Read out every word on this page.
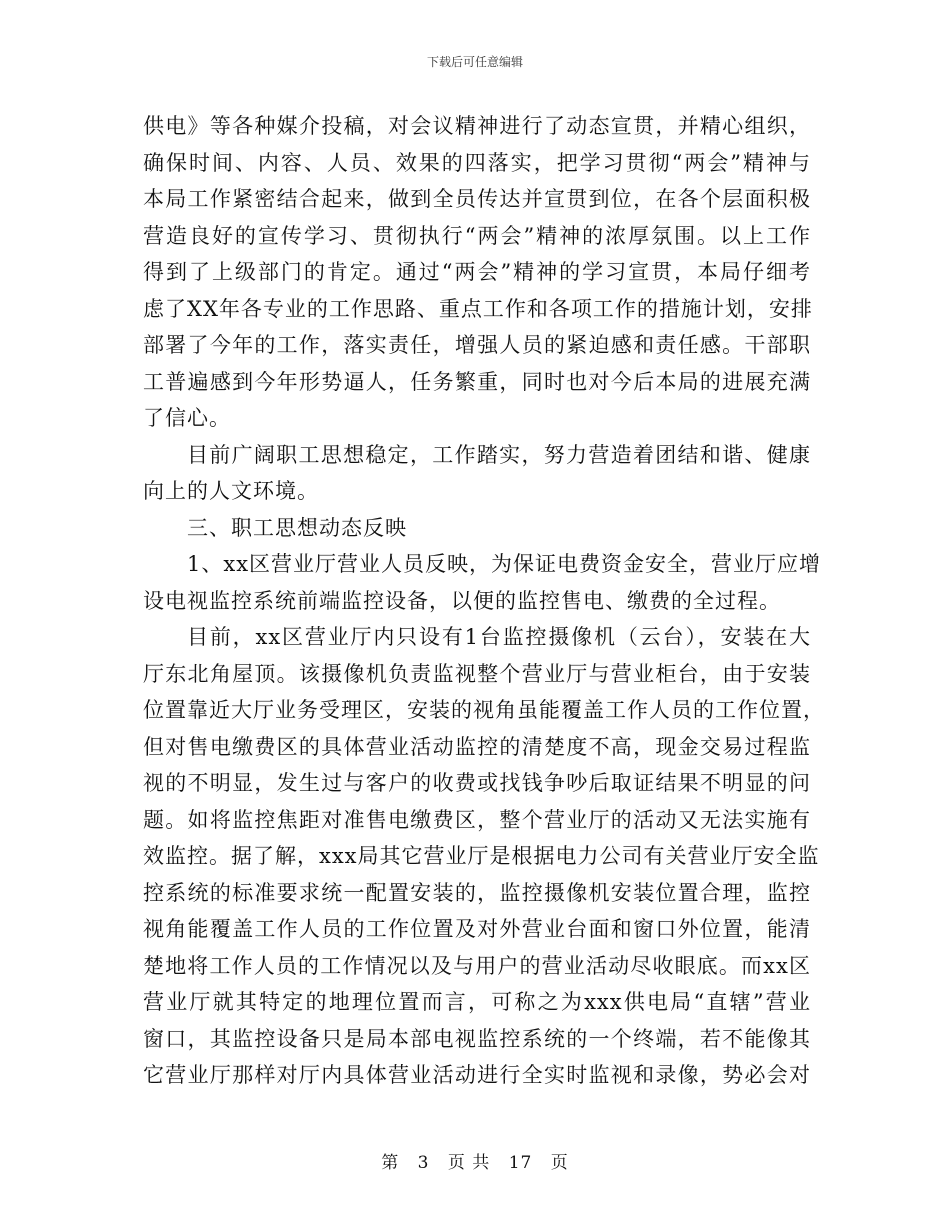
下载后可任意编辑
供电》等各种媒介投稿，对会议精神进行了动态宣贯，并精心组织，
确保时间、内容、人员、效果的四落实，把学习贯彻“两会”精神与
本局工作紧密结合起来，做到全员传达并宣贯到位，在各个层面积极
营造良好的宣传学习、贯彻执行“两会”精神的浓厚氛围。以上工作
得到了上级部门的肯定。通过“两会”精神的学习宣贯，本局仔细考
虑了XX年各专业的工作思路、重点工作和各项工作的措施计划，安排
部署了今年的工作，落实责任，增强人员的紧迫感和责任感。干部职
工普遍感到今年形势逼人，任务繁重，同时也对今后本局的进展充满
了信心。
目前广阔职工思想稳定，工作踏实，努力营造着团结和谐、健康
向上的人文环境。
三、职工思想动态反映
1、xx区营业厅营业人员反映，为保证电费资金安全，营业厅应增
设电视监控系统前端监控设备，以便的监控售电、缴费的全过程。
目前，xx区营业厅内只设有1台监控摄像机（云台），安装在大
厅东北角屋顶。该摄像机负责监视整个营业厅与营业柜台，由于安装
位置靠近大厅业务受理区，安装的视角虽能覆盖工作人员的工作位置，
但对售电缴费区的具体营业活动监控的清楚度不高，现金交易过程监
视的不明显，发生过与客户的收费或找钱争吵后取证结果不明显的问
题。如将监控焦距对准售电缴费区，整个营业厅的活动又无法实施有
效监控。据了解，xxx局其它营业厅是根据电力公司有关营业厅安全监
控系统的标准要求统一配置安装的，监控摄像机安装位置合理，监控
视角能覆盖工作人员的工作位置及对外营业台面和窗口外位置，能清
楚地将工作人员的工作情况以及与用户的营业活动尽收眼底。而xx区
营业厅就其特定的地理位置而言，可称之为xxx供电局“直辖”营业
窗口，其监控设备只是局本部电视监控系统的一个终端，若不能像其
它营业厅那样对厅内具体营业活动进行全实时监视和录像，势必会对
第 3 页 共 17 页
